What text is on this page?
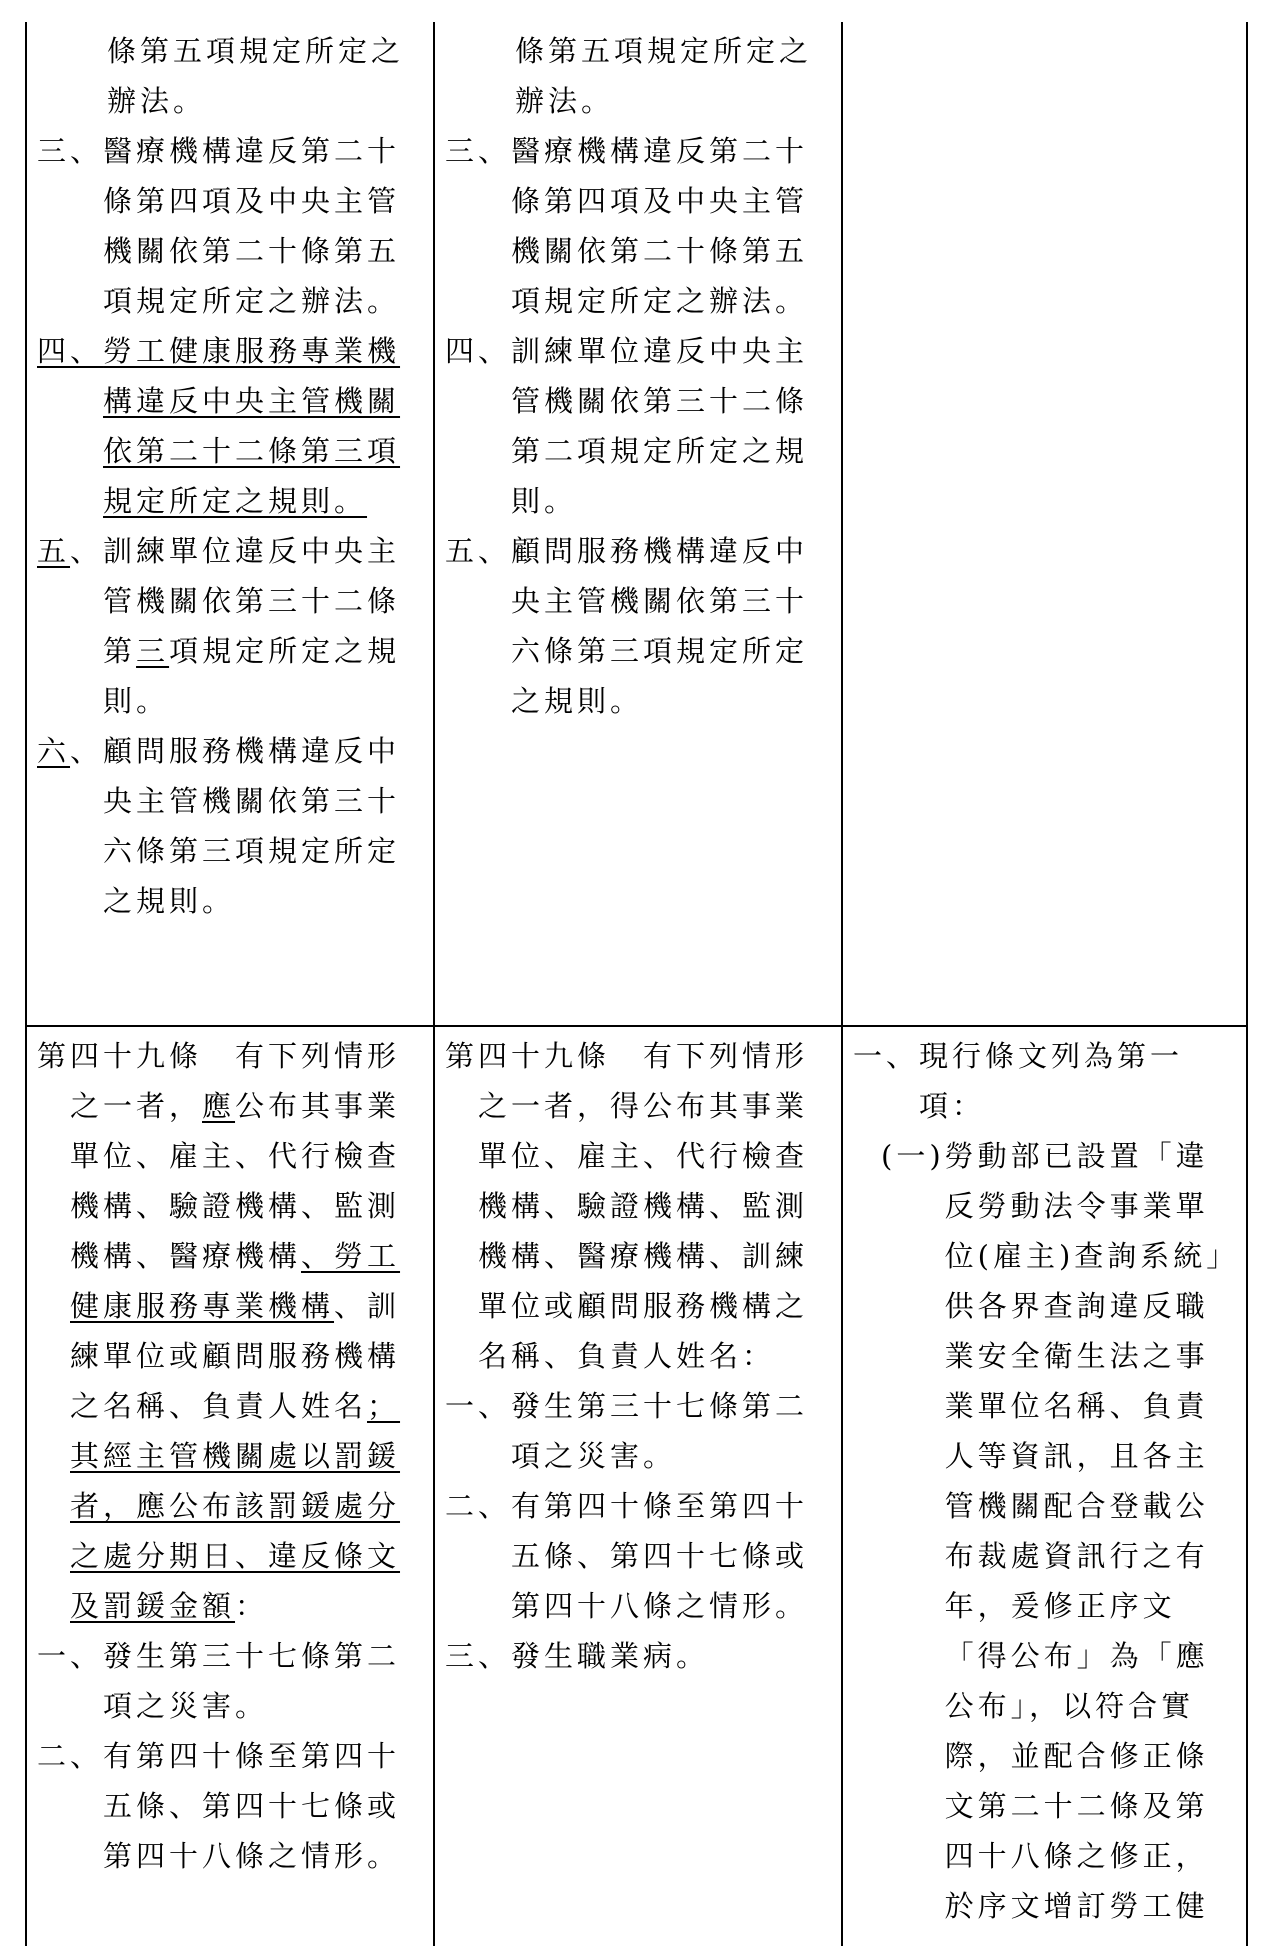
條第五項規定所定之辦法。
三、 醫療機構違反第二十條第四項及中央主管機關依第二十條第五項規定所定之辦法。
四、 勞工健康服務專業機構違反中央主管機關依第二十二條第三項規定所定之規則。
五、 訓練單位違反中央主管機關依第三十二條第三項規定所定之規則。
六、 顧問服務機構違反中央主管機關依第三十六條第三項規定所定之規則。
條第五項規定所定之辦法。
三、 醫療機構違反第二十條第四項及中央主管機關依第二十條第五項規定所定之辦法。
四、 訓練單位違反中央主管機關依第三十二條第二項規定所定之規則。
五、 顧問服務機構違反中央主管機關依第三十六條第三項規定所定之規則。
第四十九條　有下列情形之一者，應公布其事業單位、雇主、代行檢查機構、驗證機構、監測機構、醫療機構、勞工健康服務專業機構、訓練單位或顧問服務機構之名稱、負責人姓名；其經主管機關處以罰鍰者，應公布該罰鍰處分之處分期日、違反條文及罰鍰金額：
一、 發生第三十七條第二項之災害。
二、 有第四十條至第四十五條、第四十七條或第四十八條之情形。
第四十九條　有下列情形之一者，得公布其事業單位、雇主、代行檢查機構、驗證機構、監測機構、醫療機構、訓練單位或顧問服務機構之名稱、負責人姓名：
一、 發生第三十七條第二項之災害。
二、 有第四十條至第四十五條、第四十七條或第四十八條之情形。
三、 發生職業病。
一、 現行條文列為第一項：
(一) 勞動部已設置「違反勞動法令事業單位(雇主)查詢系統」供各界查詢違反職業安全衛生法之事業單位名稱、負責人等資訊，且各主管機關配合登載公布裁處資訊行之有年，爰修正序文「得公布」為「應公布」，以符合實際，並配合修正條文第二十二條及第四十八條之修正，於序文增訂勞工健
